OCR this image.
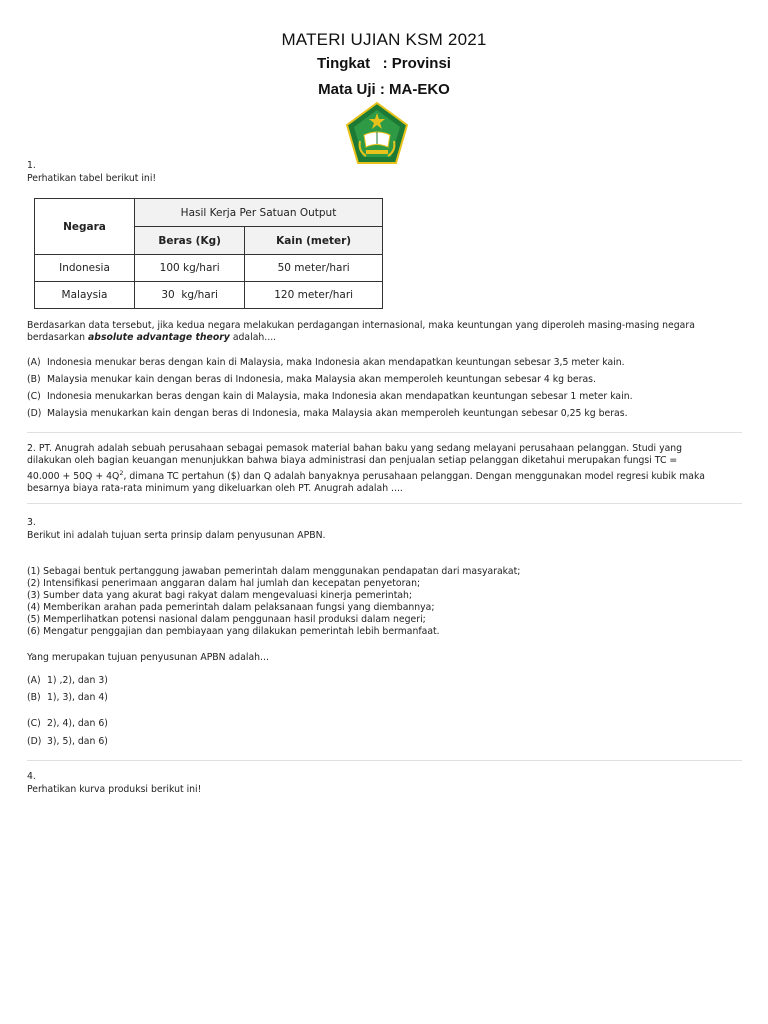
MATERI UJIAN KSM 2021
Tingkat   : Provinsi
Mata Uji : MA-EKO
1.
Perhatikan tabel berikut ini!
Negara	Hasil Kerja Per Satuan Output	
	Beras (Kg)	Kain (meter)
Indonesia	100 kg/hari	50 meter/hari
Malaysia	30  kg/hari	120 meter/hari
Berdasarkan data tersebut, jika kedua negara melakukan perdagangan internasional, maka keuntungan yang diperoleh masing-masing negara
berdasarkan absolute advantage theory adalah....
(A) Indonesia menukar beras dengan kain di Malaysia, maka Indonesia akan mendapatkan keuntungan sebesar 3,5 meter kain.
(B) Malaysia menukar kain dengan beras di Indonesia, maka Malaysia akan memperoleh keuntungan sebesar 4 kg beras.
(C) Indonesia menukarkan beras dengan kain di Malaysia, maka Indonesia akan mendapatkan keuntungan sebesar 1 meter kain.
(D) Malaysia menukarkan kain dengan beras di Indonesia, maka Malaysia akan memperoleh keuntungan sebesar 0,25 kg beras.
2. PT. Anugrah adalah sebuah perusahaan sebagai pemasok material bahan baku yang sedang melayani perusahaan pelanggan. Studi yang
dilakukan oleh bagian keuangan menunjukkan bahwa biaya administrasi dan penjualan setiap pelanggan diketahui merupakan fungsi TC =
$40.000 + 50Q + 4Q^2$, dimana TC pertahun ($) dan Q adalah banyaknya perusahaan pelanggan. Dengan menggunakan model regresi kubik maka
besarnya biaya rata-rata minimum yang dikeluarkan oleh PT. Anugrah adalah ....
3.
Berikut ini adalah tujuan serta prinsip dalam penyusunan APBN.
(1) Sebagai bentuk pertanggung jawaban pemerintah dalam menggunakan pendapatan dari masyarakat;
(2) Intensifikasi penerimaan anggaran dalam hal jumlah dan kecepatan penyetoran;
(3) Sumber data yang akurat bagi rakyat dalam mengevaluasi kinerja pemerintah;
(4) Memberikan arahan pada pemerintah dalam pelaksanaan fungsi yang diembannya;
(5) Memperlihatkan potensi nasional dalam penggunaan hasil produksi dalam negeri;
(6) Mengatur penggajian dan pembiayaan yang dilakukan pemerintah lebih bermanfaat.
Yang merupakan tujuan penyusunan APBN adalah...
(A) 1) ,2), dan 3)
(B) 1), 3), dan 4)
(C) 2), 4), dan 6)
(D) 3), 5), dan 6)
4.
Perhatikan kurva produksi berikut ini!
